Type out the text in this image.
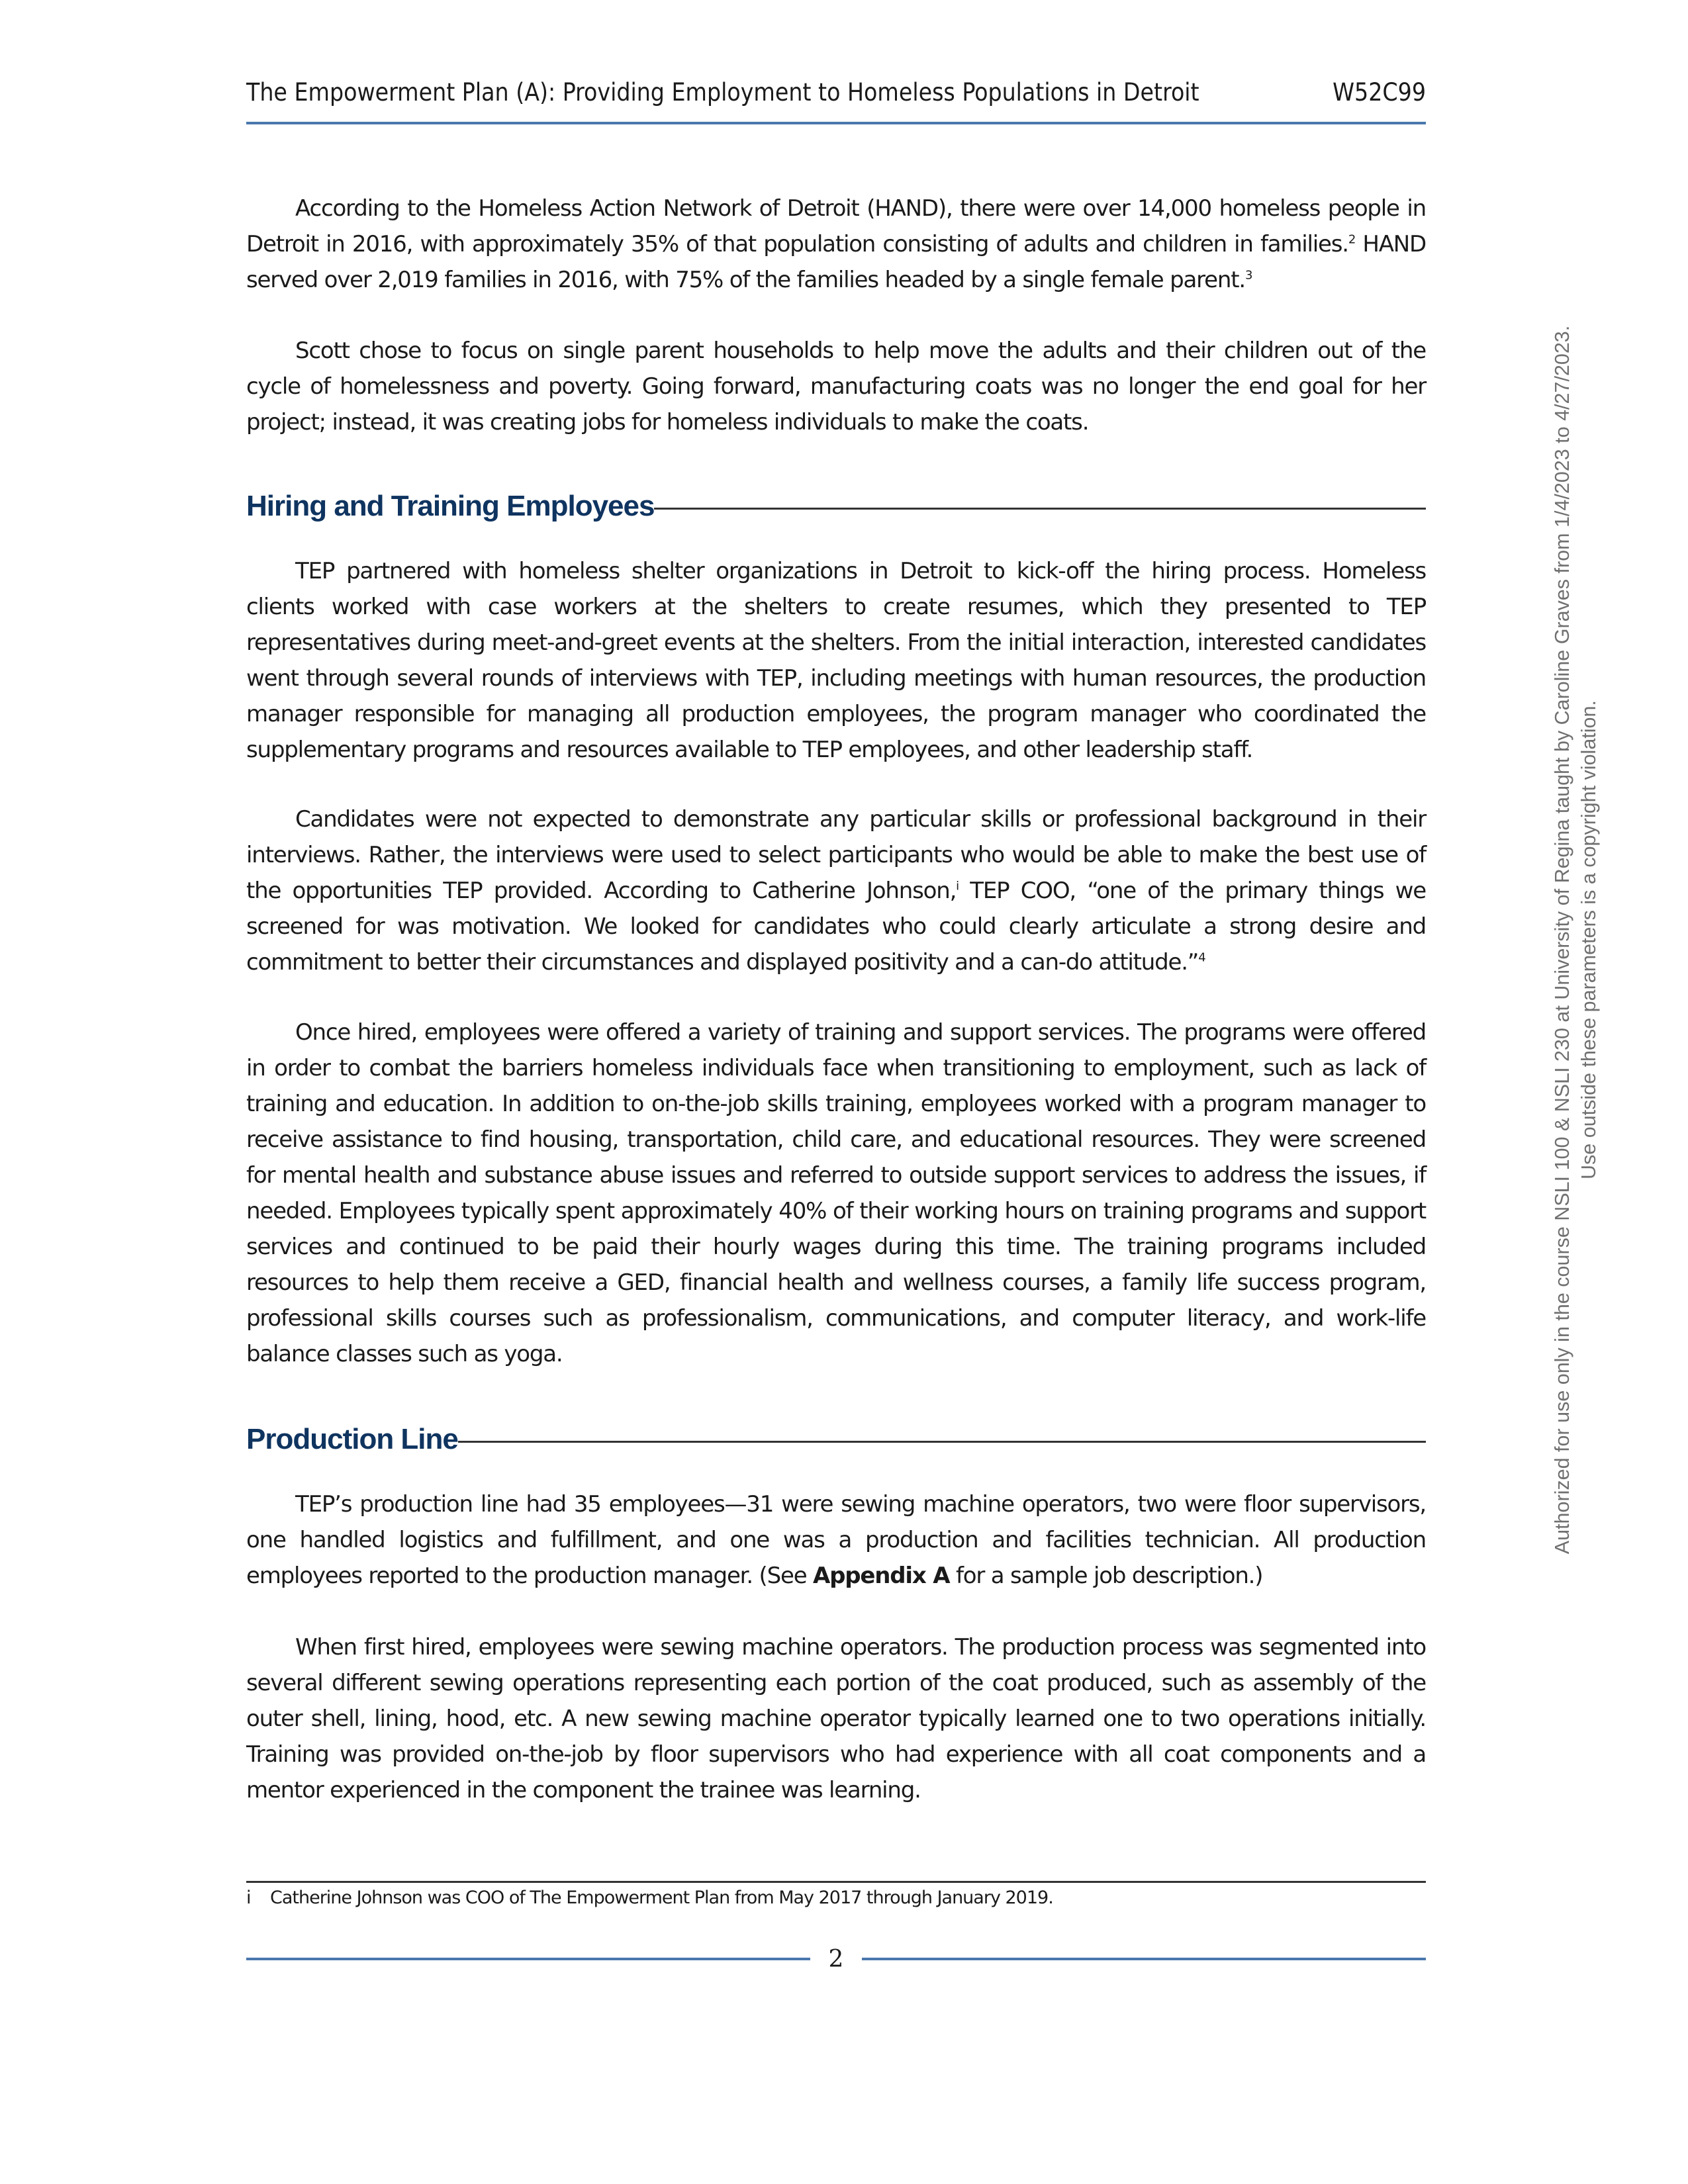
The Empowerment Plan (A): Providing Employment to Homeless Populations in Detroit	W52C99

According to the Homeless Action Network of Detroit (HAND), there were over 14,000 homeless people in Detroit in 2016, with approximately 35% of that population consisting of adults and children in families.$^2$ HAND served over 2,019 families in 2016, with 75% of the families headed by a single female parent.$^3$

Scott chose to focus on single parent households to help move the adults and their children out of the cycle of homelessness and poverty. Going forward, manufacturing coats was no longer the end goal for her project; instead, it was creating jobs for homeless individuals to make the coats.

Hiring and Training Employees

TEP partnered with homeless shelter organizations in Detroit to kick-off the hiring process. Homeless clients worked with case workers at the shelters to create resumes, which they presented to TEP representatives during meet-and-greet events at the shelters. From the initial interaction, interested candidates went through several rounds of interviews with TEP, including meetings with human resources, the production manager responsible for managing all production employees, the program manager who coordinated the supplementary programs and resources available to TEP employees, and other leadership staff.

Candidates were not expected to demonstrate any particular skills or professional background in their interviews. Rather, the interviews were used to select participants who would be able to make the best use of the opportunities TEP provided. According to Catherine Johnson,$^i$ TEP COO, “one of the primary things we screened for was motivation. We looked for candidates who could clearly articulate a strong desire and commitment to better their circumstances and displayed positivity and a can-do attitude.”$^4$

Once hired, employees were offered a variety of training and support services. The programs were offered in order to combat the barriers homeless individuals face when transitioning to employment, such as lack of training and education. In addition to on-the-job skills training, employees worked with a program manager to receive assistance to find housing, transportation, child care, and educational resources. They were screened for mental health and substance abuse issues and referred to outside support services to address the issues, if needed. Employees typically spent approximately 40% of their working hours on training programs and support services and continued to be paid their hourly wages during this time. The training programs included resources to help them receive a GED, financial health and wellness courses, a family life success program, professional skills courses such as professionalism, communications, and computer literacy, and work-life balance classes such as yoga.

Production Line

TEP’s production line had 35 employees—31 were sewing machine operators, two were floor supervisors, one handled logistics and fulfillment, and one was a production and facilities technician. All production employees reported to the production manager. (See Appendix A for a sample job description.)

When first hired, employees were sewing machine operators. The production process was segmented into several different sewing operations representing each portion of the coat produced, such as assembly of the outer shell, lining, hood, etc. A new sewing machine operator typically learned one to two operations initially. Training was provided on-the-job by floor supervisors who had experience with all coat components and a mentor experienced in the component the trainee was learning.

i Catherine Johnson was COO of The Empowerment Plan from May 2017 through January 2019.
2
Authorized for use only in the course NSLI 100 & NSLI 230 at University of Regina taught by Caroline Graves from 1/4/2023 to 4/27/2023. Use outside these parameters is a copyright violation.
